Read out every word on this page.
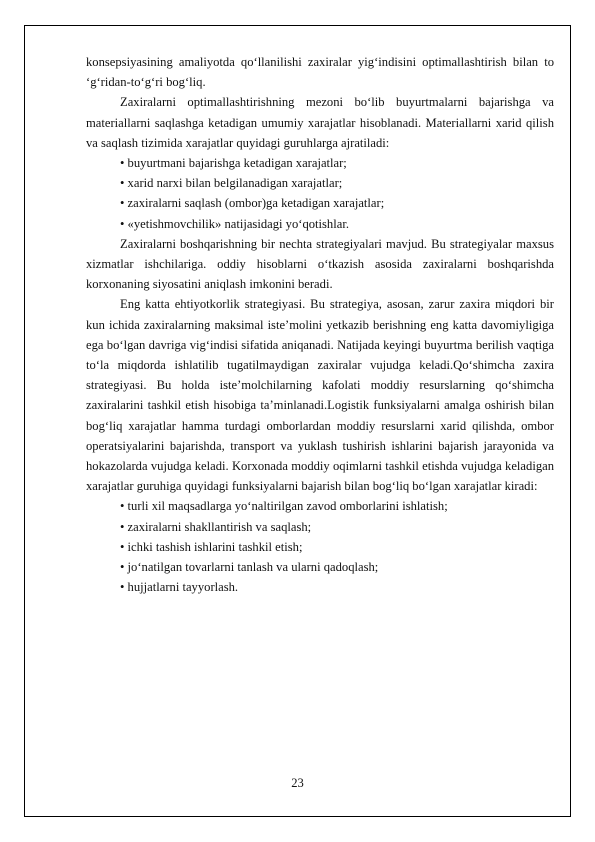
konsepsiyasining amaliyotda qo‘llanilishi zaxiralar yig‘indisini optimallashtirish bilan to ‘g‘ridan-to‘g‘ri bog‘liq.

Zaxiralarni optimallashtirishning mezoni bo‘lib buyurtmalarni bajarishga va materiallarni saqlashga ketadigan umumiy xarajatlar hisoblanadi. Materiallarni xarid qilish va saqlash tizimida xarajatlar quyidagi guruhlarga ajratiladi:

• buyurtmani bajarishga ketadigan xarajatlar;

• xarid narxi bilan belgilanadigan xarajatlar;

• zaxiralarni saqlash (ombor)ga ketadigan xarajatlar;

• «yetishmovchilik» natijasidagi yo‘qotishlar.

Zaxiralarni boshqarishning bir nechta strategiyalari mavjud. Bu strategiyalar maxsus xizmatlar ishchilariga. oddiy hisoblarni o‘tkazish asosida zaxiralarni boshqarishda korxonaning siyosatini aniqlash imkonini beradi.

Eng katta ehtiyotkorlik strategiyasi. Bu strategiya, asosan, zarur zaxira miqdori bir kun ichida zaxiralarning maksimal iste’molini yetkazib berishning eng katta davomiyligiga ega bo‘lgan davriga vig‘indisi sifatida aniqanadi. Natijada keyingi buyurtma berilish vaqtiga to‘la miqdorda ishlatilib tugatilmaydigan zaxiralar vujudga keladi.Qo‘shimcha zaxira strategiyasi. Bu holda iste’molchilarning kafolati moddiy resurslarning qo‘shimcha zaxiralarini tashkil etish hisobiga ta’minlanadi.Logistik funksiyalarni amalga oshirish bilan bog‘liq xarajatlar hamma turdagi omborlardan moddiy resurslarni xarid qilishda, ombor operatsiyalarini bajarishda, transport va yuklash tushirish ishlarini bajarish jarayonida va hokazolarda vujudga keladi. Korxonada moddiy oqimlarni tashkil etishda vujudga keladigan xarajatlar guruhiga quyidagi funksiyalarni bajarish bilan bog‘liq bo‘lgan xarajatlar kiradi:

• turli xil maqsadlarga yo‘naltirilgan zavod omborlarini ishlatish;

• zaxiralarni shakllantirish va saqlash;

• ichki tashish ishlarini tashkil etish;

• jo‘natilgan tovarlarni tanlash va ularni qadoqlash;

• hujjatlarni tayyorlash.

23
